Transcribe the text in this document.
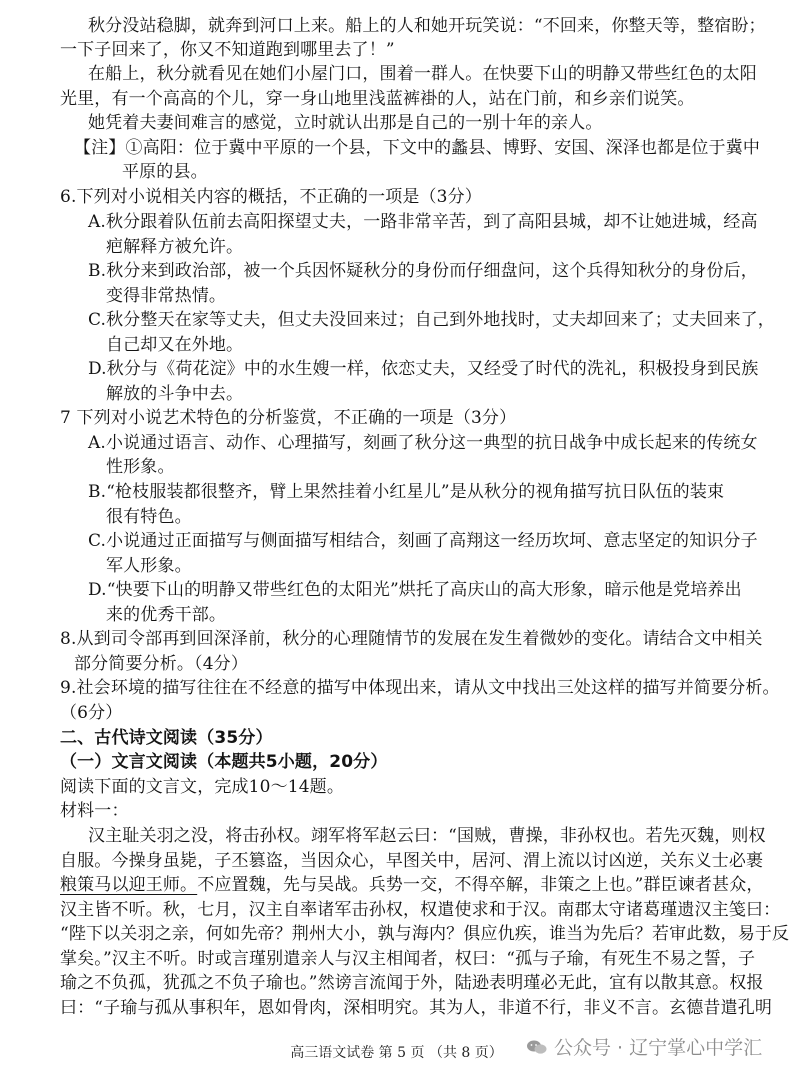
秋分没站稳脚，就奔到河口上来。船上的人和她开玩笑说：“不回来，你整天等，整宿盼；
一下子回来了，你又不知道跑到哪里去了！”
在船上，秋分就看见在她们小屋门口，围着一群人。在快要下山的明静又带些红色的太阳
光里，有一个高高的个儿，穿一身山地里浅蓝裤褂的人，站在门前，和乡亲们说笑。
她凭着夫妻间难言的感觉，立时就认出那是自己的一别十年的亲人。
【注】①高阳：位于冀中平原的一个县，下文中的蠡县、博野、安国、深泽也都是位于冀中
平原的县。
6.下列对小说相关内容的概括，不正确的一项是（3分）
A.秋分跟着队伍前去高阳探望丈夫，一路非常辛苦，到了高阳县城，却不让她进城，经高
疤解释方被允许。
B.秋分来到政治部，被一个兵因怀疑秋分的身份而仔细盘问，这个兵得知秋分的身份后，
变得非常热情。
C.秋分整天在家等丈夫，但丈夫没回来过；自己到外地找时，丈夫却回来了；丈夫回来了，
自己却又在外地。
D.秋分与《荷花淀》中的水生嫂一样，依恋丈夫，又经受了时代的洗礼，积极投身到民族
解放的斗争中去。
7 下列对小说艺术特色的分析鉴赏，不正确的一项是（3分）
A.小说通过语言、动作、心理描写，刻画了秋分这一典型的抗日战争中成长起来的传统女
性形象。
B.“枪枝服装都很整齐，臂上果然挂着小红星儿”是从秋分的视角描写抗日队伍的装束
很有特色。
C.小说通过正面描写与侧面描写相结合，刻画了高翔这一经历坎坷、意志坚定的知识分子
军人形象。
D.“快要下山的明静又带些红色的太阳光”烘托了高庆山的高大形象，暗示他是党培养出
来的优秀干部。
8.从到司令部再到回深泽前，秋分的心理随情节的发展在发生着微妙的变化。请结合文中相关
部分简要分析。（4分）
9.社会环境的描写往往在不经意的描写中体现出来，请从文中找出三处这样的描写并简要分析。
（6分）
二、古代诗文阅读（35分）
（一）文言文阅读（本题共5小题，20分）
阅读下面的文言文，完成10～14题。
材料一：
汉主耻关羽之没，将击孙权。翊军将军赵云曰：“国贼，曹操，非孙权也。若先灭魏，则权
自服。今操身虽毙，子丕篡盗，当因众心，早图关中，居河、渭上流以讨凶逆，关东义士必裹
粮策马以迎王师。不应置魏，先与吴战。兵势一交，不得卒解，非策之上也。”群臣谏者甚众，
汉主皆不听。秋，七月，汉主自率诸军击孙权，权遣使求和于汉。南郡太守诸葛瑾遗汉主笺曰：
“陛下以关羽之亲，何如先帝？荆州大小，孰与海内？俱应仇疾，谁当为先后？若审此数，易于反
掌矣。”汉主不听。时或言瑾别遣亲人与汉主相闻者，权曰：“孤与子瑜，有死生不易之誓，子
瑜之不负孤，犹孤之不负子瑜也。”然谤言流闻于外，陆逊表明瑾必无此，宜有以散其意。权报
曰：“子瑜与孤从事积年，恩如骨肉，深相明究。其为人，非道不行，非义不言。玄德昔遣孔明
高三语文试卷 第 5 页 （共 8 页）	公众号 · 辽宁掌心中学汇
